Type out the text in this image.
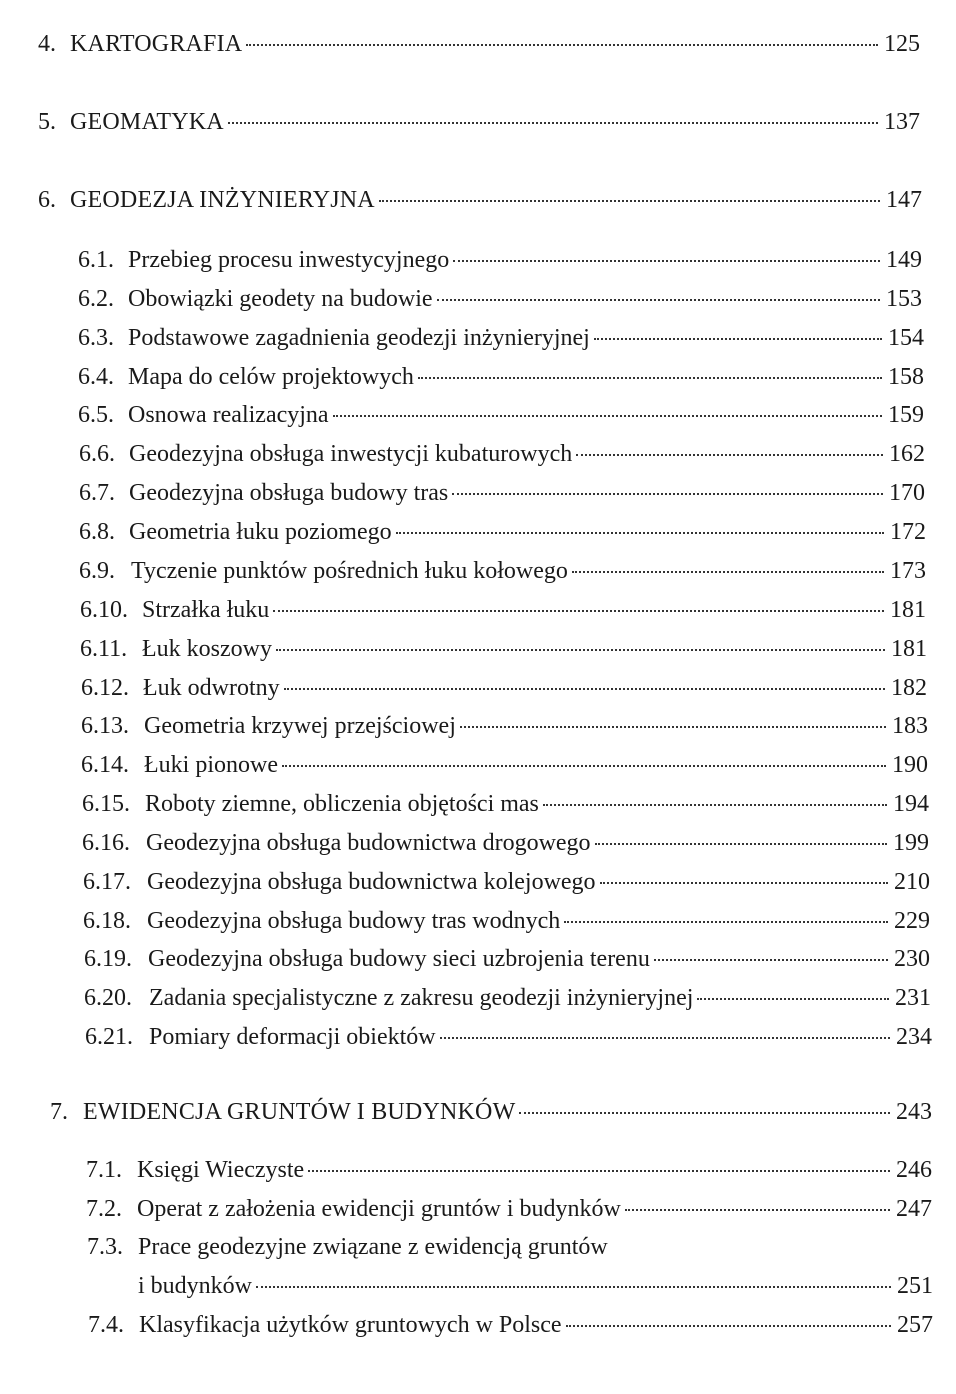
4. KARTOGRAFIA	125
5. GEOMATYKA	137
6. GEODEZJA INŻYNIERYJNA	147
6.1. Przebieg procesu inwestycyjnego	149
6.2. Obowiązki geodety na budowie	153
6.3. Podstawowe zagadnienia geodezji inżynieryjnej	154
6.4. Mapa do celów projektowych	158
6.5. Osnowa realizacyjna	159
6.6. Geodezyjna obsługa inwestycji kubaturowych	162
6.7. Geodezyjna obsługa budowy tras	170
6.8. Geometria łuku poziomego	172
6.9. Tyczenie punktów pośrednich łuku kołowego	173
6.10. Strzałka łuku	181
6.11. Łuk koszowy	181
6.12. Łuk odwrotny	182
6.13. Geometria krzywej przejściowej	183
6.14. Łuki pionowe	190
6.15. Roboty ziemne, obliczenia objętości mas	194
6.16. Geodezyjna obsługa budownictwa drogowego	199
6.17. Geodezyjna obsługa budownictwa kolejowego	210
6.18. Geodezyjna obsługa budowy tras wodnych	229
6.19. Geodezyjna obsługa budowy sieci uzbrojenia terenu	230
6.20. Zadania specjalistyczne z zakresu geodezji inżynieryjnej	231
6.21. Pomiary deformacji obiektów	234
7. EWIDENCJA GRUNTÓW I BUDYNKÓW	243
7.1. Księgi Wieczyste	246
7.2. Operat z założenia ewidencji gruntów i budynków	247
7.3. Prace geodezyjne związane z ewidencją gruntów
i budynków	251
7.4. Klasyfikacja użytków gruntowych w Polsce	257
